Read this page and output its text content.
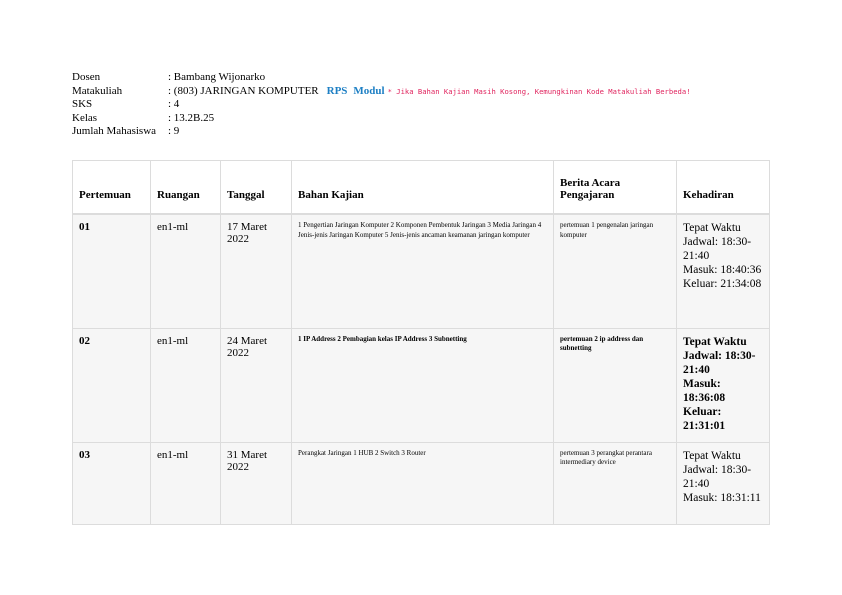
Dosen	: Bambang Wijonarko
Matakuliah	: (803) JARINGAN KOMPUTER RPS Modul * Jika Bahan Kajian Masih Kosong, Kemungkinan Kode Matakuliah Berbeda!
SKS	: 4
Kelas	: 13.2B.25
Jumlah Mahasiswa	: 9
Pertemuan	Ruangan	Tanggal	Bahan Kajian	Berita Acara Pengajaran	Kehadiran
01	en1-ml	17 Maret 2022	1 Pengertian Jaringan Komputer 2 Komponen Pembentuk Jaringan 3 Media Jaringan 4 Jenis-jenis Jaringan Komputer 5 Jenis-jenis ancaman keamanan jaringan komputer	pertemuan 1 pengenalan jaringan komputer	Tepat Waktu
Jadwal: 18:30-21:40
Masuk: 18:40:36
Keluar: 21:34:08

02	en1-ml	24 Maret 2022	1 IP Address 2 Pembagian kelas IP Address 3 Subnetting	pertemuan 2 ip address dan subnetting	Tepat Waktu
Jadwal: 18:30-21:40
Masuk: 18:36:08
Keluar: 21:31:01

03	en1-ml	31 Maret 2022	Perangkat Jaringan 1 HUB 2 Switch 3 Router	pertemuan 3 perangkat perantara intermediary device	Tepat Waktu
Jadwal: 18:30-21:40
Masuk: 18:31:11
